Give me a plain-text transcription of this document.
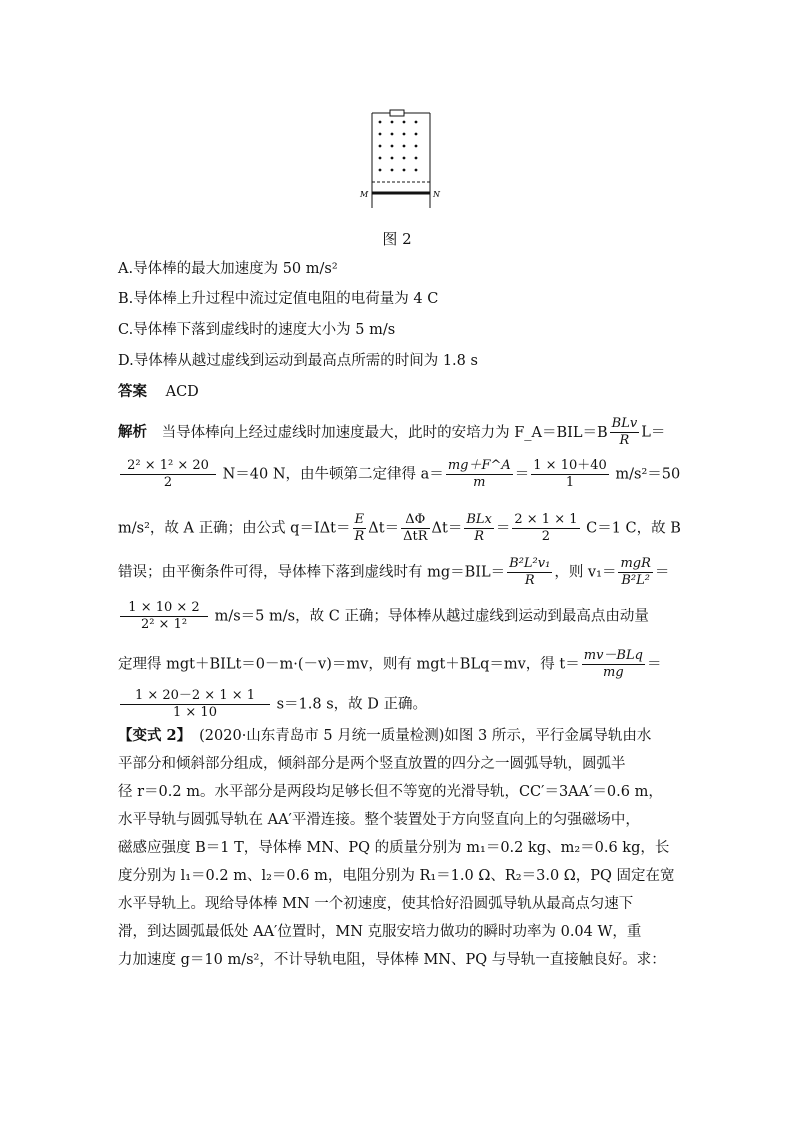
M	N
图 2
A.导体棒的最大加速度为 50 m/s²
B.导体棒上升过程中流过定值电阻的电荷量为 4 C
C.导体棒下落到虚线时的速度大小为 5 m/s
D.导体棒从越过虚线到运动到最高点所需的时间为 1.8 s
答案 ACD
解析 当导体棒向上经过虚线时加速度最大，此时的安培力为 F_A＝BIL＝B $\frac{\text{BLv}}{R} L=$
$\frac{\text{2² × 1² × 20}}{2} N=40$ N，由牛顿第二定律得 $a= \frac{mg+F\^{}A}{m} = \frac{1 \times 10+40}{1} m/s^2=50$
m/s²，故 A 正确；由公式 $q=I\Delta t= \frac{E}{R} \Delta t= \frac{\Delta\Phi}{\text{ΔtR}} \Delta t= \frac{\text{BLx}}{R} = \frac{2 \times 1 \times 1}{2} C=1$ C，故 B
错误；由平衡条件可得，导体棒下落到虚线时有 $mg=BIL= \frac{\text{B²L²v₁}}{R}$ ，则 $v_1= \frac{\text{mgR}}{\text{B²L²}}$ ＝
$\frac{1 \times 10 \times 2}{\text{2² × 1²}} m/s=5$ m/s，故 C 正确；导体棒从越过虚线到运动到最高点由动量
定理得 mgt＋BILt＝0－m·(－v)＝mv，则有 mgt＋BLq＝mv，得 $t= \frac{\text{mv－BLq}}{mg}$ ＝
$\frac{1 \times 20-2 \times 1 \times 1}{1 \times 10} s=1.8$ s，故 D 正确。
【变式 2】 (2020·山东青岛市 5 月统一质量检测)如图 3 所示，平行金属导轨由水
平部分和倾斜部分组成，倾斜部分是两个竖直放置的四分之一圆弧导轨，圆弧半
径 r＝0.2 m。水平部分是两段均足够长但不等宽的光滑导轨，CC′＝3AA′＝0.6 m，
水平导轨与圆弧导轨在 AA′平滑连接。整个装置处于方向竖直向上的匀强磁场中，
磁感应强度 B＝1 T，导体棒 MN、PQ 的质量分别为 m₁＝0.2 kg、m₂＝0.6 kg，长
度分别为 l₁＝0.2 m、l₂＝0.6 m，电阻分别为 R₁＝1.0 Ω、R₂＝3.0 Ω，PQ 固定在宽
水平导轨上。现给导体棒 MN 一个初速度，使其恰好沿圆弧导轨从最高点匀速下
滑，到达圆弧最低处 AA′位置时，MN 克服安培力做功的瞬时功率为 0.04 W，重
力加速度 g＝10 m/s²，不计导轨电阻，导体棒 MN、PQ 与导轨一直接触良好。求：
